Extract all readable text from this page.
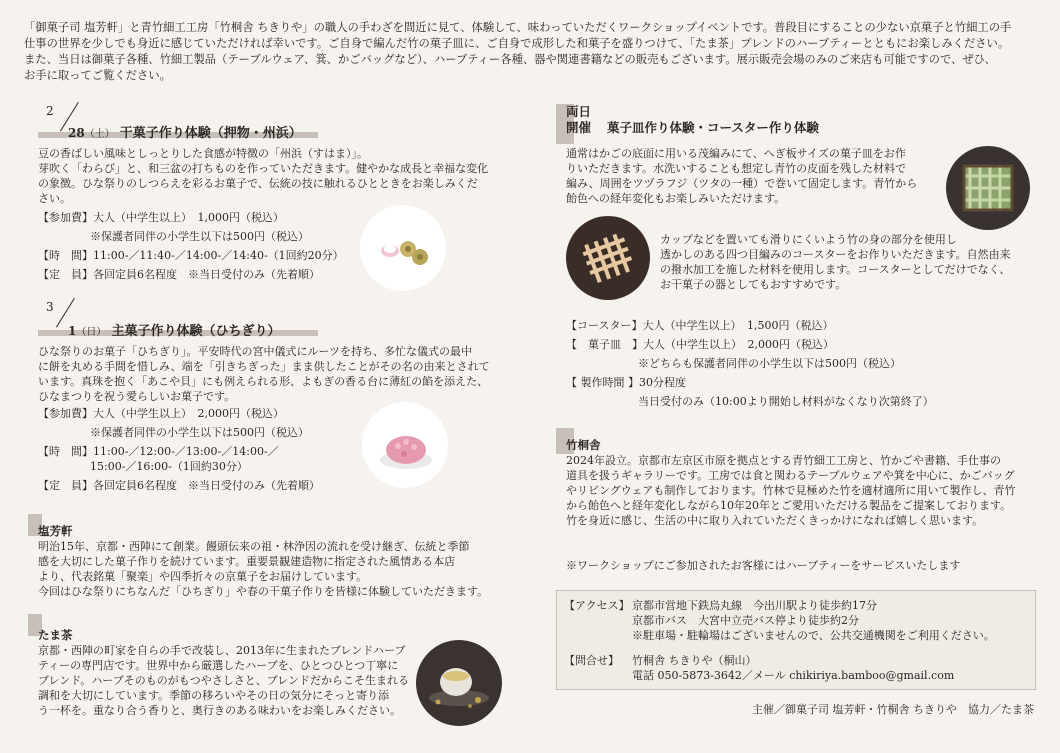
「御菓子司 塩芳軒」と青竹細工工房「竹桐舎 ちきりや」の職人の手わざを間近に見て、体験して、味わっていただくワークショップイベントです。普段目にすることの少ない京菓子と竹細工の手
仕事の世界を少しでも身近に感じていただければ幸いです。ご自身で編んだ竹の菓子皿に、ご自身で成形した和菓子を盛りつけて、「たま茶」ブレンドのハーブティーとともにお楽しみください。
また、当日は御菓子各種、竹細工製品（テーブルウェア、箕、かごバッグなど）、ハーブティー各種、器や関連書籍などの販売もございます。展示販売会場のみのご来店も可能ですので、ぜひ、
お手に取ってご覧ください。
2
28（土） 干菓子作り体験（押物・州浜）
豆の香ばしい風味としっとりした食感が特徴の「州浜（すはま）」。
芽吹く「わらび」と、和三盆の打ちものを作っていただきます。健やかな成長と幸福な変化
の象徴。ひな祭りのしつらえを彩るお菓子で、伝統の技に触れるひとときをお楽しみくだ
さい。
【参加費】 大人（中学生以上）　1,000円（税込）
※保護者同伴の小学生以下は500円（税込）
【時　間】 11:00-／11:40-／14:00-／14:40-（1回約20分）
【定　員】 各回定員6名程度　※当日受付のみ（先着順）
3
1（日） 主菓子作り体験（ひちぎり）
ひな祭りのお菓子「ひちぎり」。平安時代の宮中儀式にルーツを持ち、多忙な儀式の最中
に餅を丸める手間を惜しみ、端を「引きちぎった」まま供したことがその名の由来とされて
います。真珠を抱く「あこや貝」にも例えられる形、よもぎの香る台に薄紅の餡を添えた、
ひなまつりを祝う愛らしいお菓子です。
【参加費】 大人（中学生以上）　2,000円（税込）
※保護者同伴の小学生以下は500円（税込）
【時　間】 11:00-／12:00-／13:00-／14:00-／
15:00-／16:00-（1回約30分）
【定　員】 各回定員6名程度　※当日受付のみ（先着順）
塩芳軒
明治15年、京都・西陣にて創業。饅頭伝来の祖・林浄因の流れを受け継ぎ、伝統と季節
感を大切にした菓子作りを続けています。重要景観建造物に指定された風情ある本店
より、代表銘菓「聚楽」や四季折々の京菓子をお届けしています。
今回はひな祭りにちなんだ「ひちぎり」や春の干菓子作りを皆様に体験していただきます。
たま茶
京都・西陣の町家を自らの手で改装し、2013年に生まれたブレンドハーブ
ティーの専門店です。世界中から厳選したハーブを、ひとつひとつ丁寧に
ブレンド。ハーブそのものがもつやさしさと、ブレンドだからこそ生まれる
調和を大切にしています。季節の移ろいやその日の気分にそっと寄り添
う一杯を。重なり合う香りと、奥行きのある味わいをお楽しみください。
両日
開催 菓子皿作り体験・コースター作り体験
通常はかごの底面に用いる茂編みにて、へぎ板サイズの菓子皿をお作
りいただきます。水洗いすることも想定し青竹の皮面を残した材料で
編み、周囲をツヅラフジ（ツタの一種）で巻いて固定します。青竹から
飴色への経年変化もお楽しみいただけます。
カップなどを置いても滑りにくいよう竹の身の部分を使用し
透かしのある四つ目編みのコースターをお作りいただきます。自然由来
の撥水加工を施した材料を使用します。コースターとしてだけでなく、
お干菓子の器としてもおすすめです。
【コースター】 大人（中学生以上）　1,500円（税込）
【　菓子皿　】 大人（中学生以上）　2,000円（税込）
※どちらも保護者同伴の小学生以下は500円（税込）
【 製作時間 】 30分程度
当日受付のみ（10:00より開始し材料がなくなり次第終了）
竹桐舎
2024年設立。京都市左京区市原を拠点とする青竹細工工房と、竹かごや書籍、手仕事の
道具を扱うギャラリーです。工房では食と関わるテーブルウェアや箕を中心に、かごバッグ
やリビングウェアも制作しております。竹林で見極めた竹を適材適所に用いて製作し、青竹
から飴色へと経年変化しながら10年20年とご愛用いただける製品をご提案しております。
竹を身近に感じ、生活の中に取り入れていただくきっかけになれば嬉しく思います。
※ワークショップにご参加されたお客様にはハーブティーをサービスいたします
【アクセス】 京都市営地下鉄烏丸線　今出川駅より徒歩約17分
京都市バス　大宮中立売バス停より徒歩約2分
※駐車場・駐輪場はございませんので、公共交通機関をご利用ください。
【問合せ】	竹桐舎 ちきりや（桐山）
電話 050-5873-3642／メール chikiriya.bamboo@gmail.com
主催／御菓子司 塩芳軒・竹桐舎 ちきりや　協力／たま茶
